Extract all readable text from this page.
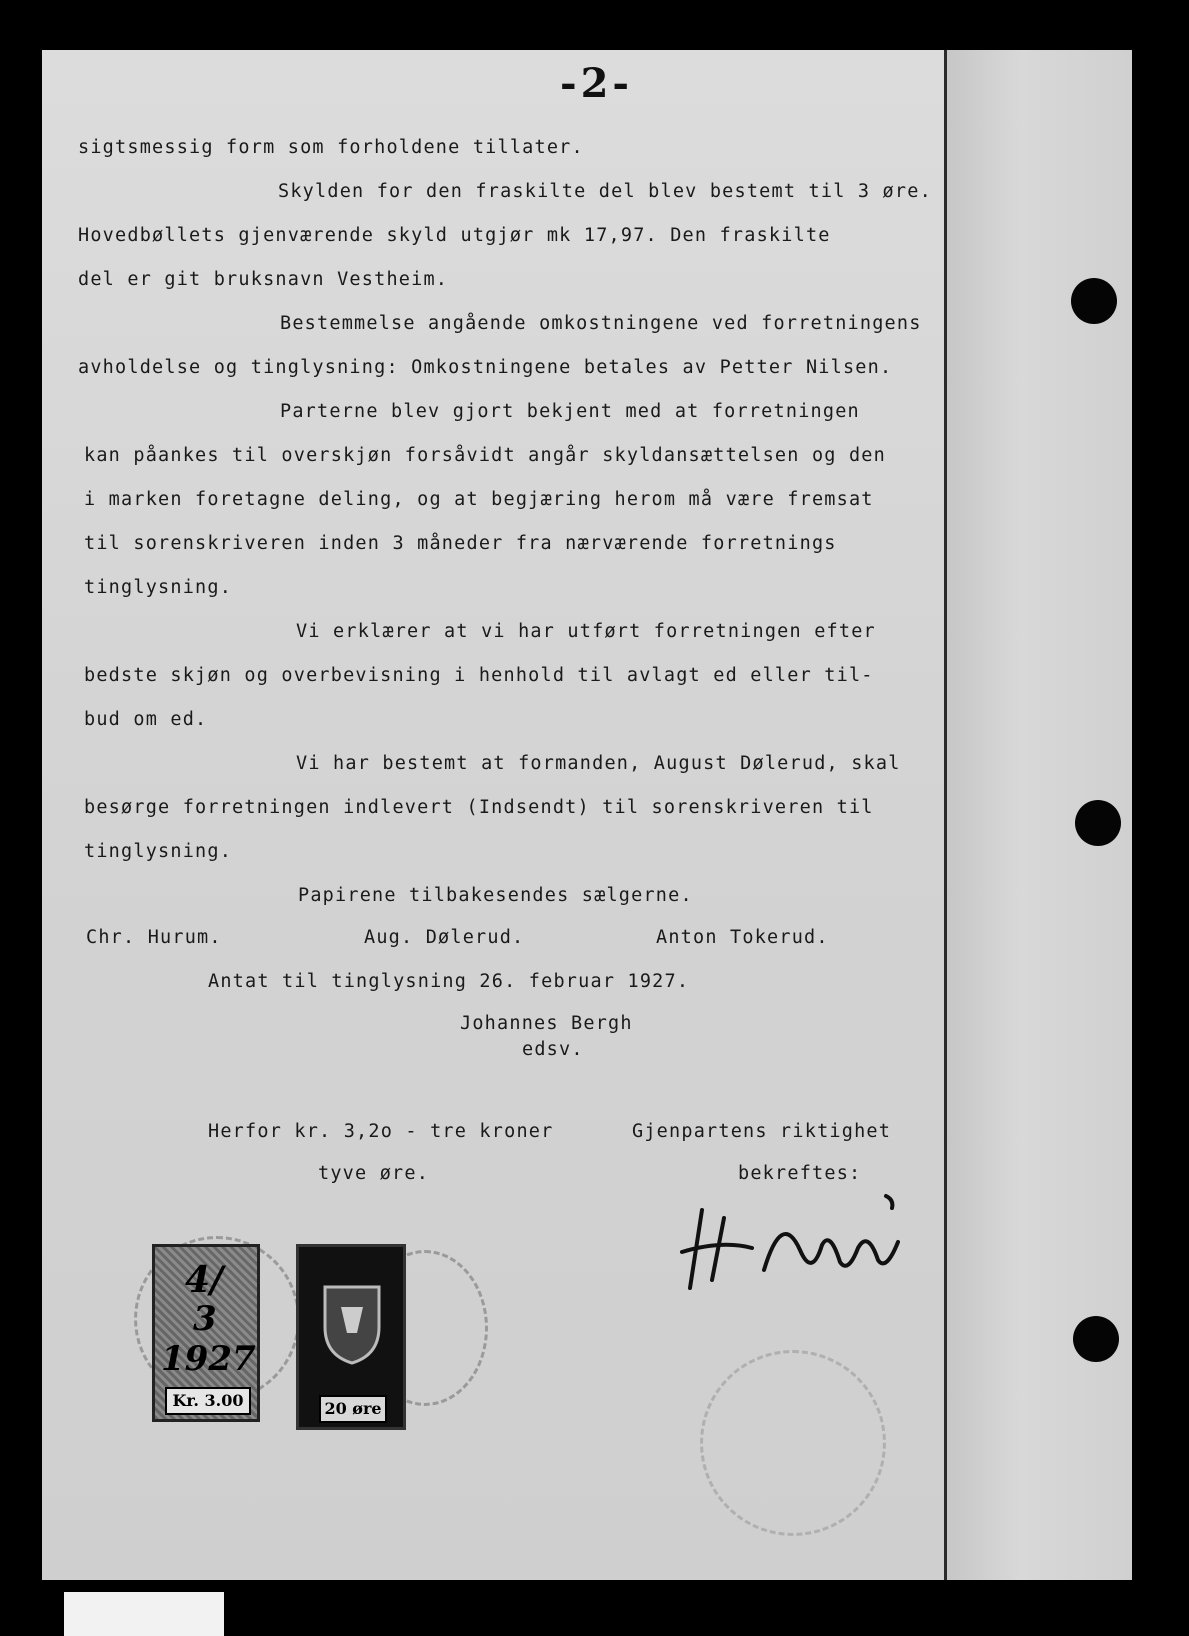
-2-
sigtsmessig form som forholdene tillater.
Skylden for den fraskilte del blev bestemt til 3 øre.
Hovedbøllets gjenværende skyld utgjør mk 17,97. Den fraskilte
del er git bruksnavn Vestheim.
Bestemmelse angående omkostningene ved forretningens
avholdelse og tinglysning: Omkostningene betales av Petter Nilsen.
Parterne blev gjort bekjent med at forretningen
kan påankes til overskjøn forsåvidt angår skyldansættelsen og den
i marken foretagne deling, og at begjæring herom må være fremsat
til sorenskriveren inden 3 måneder fra nærværende forretnings
tinglysning.
Vi erklærer at vi har utført forretningen efter
bedste skjøn og overbevisning i henhold til avlagt ed eller til-
bud om ed.
Vi har bestemt at formanden, August Dølerud, skal
besørge forretningen indlevert (Indsendt) til sorenskriveren til
tinglysning.
Papirene tilbakesendes sælgerne.
Chr. Hurum.	Aug. Dølerud.	Anton Tokerud.
Antat til tinglysning 26. februar 1927.
Johannes Bergh
edsv.
Herfor kr. 3,2o - tre kroner
tyve øre.
Gjenpartens riktighet
bekreftes:
4/
3
1927
Kr. 3.00	20 øre
